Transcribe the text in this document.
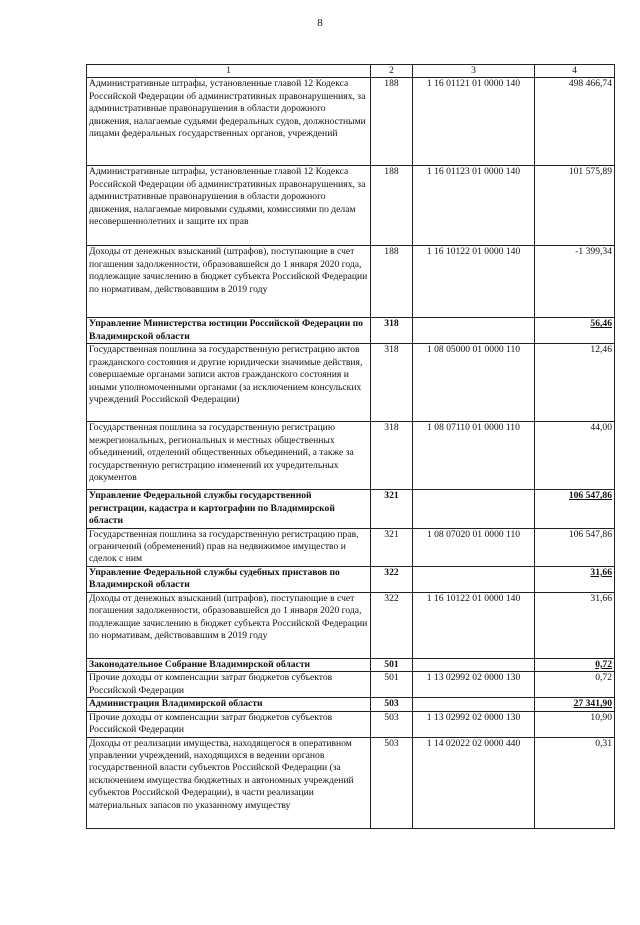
8
1	2	3	4
Административные штрафы, установленные главой 12 Кодекса Российской Федерации об административных правонарушениях, за административные правонарушения в области дорожного движения, налагаемые судьями федеральных судов, должностными лицами федеральных государственных органов, учреждений	188	1 16 01121 01 0000 140	498 466,74
Административные штрафы, установленные главой 12 Кодекса Российской Федерации об административных правонарушениях, за административные правонарушения в области дорожного движения, налагаемые мировыми судьями, комиссиями по делам несовершеннолетних и защите их прав	188	1 16 01123 01 0000 140	101 575,89
Доходы от денежных взысканий (штрафов), поступающие в счет погашения задолженности, образовавшейся до 1 января 2020 года, подлежащие зачислению в бюджет субъекта Российской Федерации по нормативам, действовавшим в 2019 году	188	1 16 10122 01 0000 140	-1 399,34
Управление Министерства юстиции Российской Федерации по Владимирской области	318		56,46
Государственная пошлина за государственную регистрацию актов гражданского состояния и другие юридически значимые действия, совершаемые органами записи актов гражданского состояния и иными уполномоченными органами (за исключением консульских учреждений Российской Федерации)	318	1 08 05000 01 0000 110	12,46
Государственная пошлина за государственную регистрацию межрегиональных, региональных и местных общественных объединений, отделений общественных объединений, а также за государственную регистрацию изменений их учредительных документов	318	1 08 07110 01 0000 110	44,00
Управление Федеральной службы государственной регистрации, кадастра и картографии по Владимирской области	321		106 547,86
Государственная пошлина за государственную регистрацию прав, ограничений (обременений) прав на недвижимое имущество и сделок с ним	321	1 08 07020 01 0000 110	106 547,86
Управление Федеральной службы судебных приставов по Владимирской области	322		31,66
Доходы от денежных взысканий (штрафов), поступающие в счет погашения задолженности, образовавшейся до 1 января 2020 года, подлежащие зачислению в бюджет субъекта Российской Федерации по нормативам, действовавшим в 2019 году	322	1 16 10122 01 0000 140	31,66
Законодательное Собрание Владимирской области	501		0,72
Прочие доходы от компенсации затрат бюджетов субъектов Российской Федерации	501	1 13 02992 02 0000 130	0,72
Администрация Владимирской области	503		27 341,90
Прочие доходы от компенсации затрат бюджетов субъектов Российской Федерации	503	1 13 02992 02 0000 130	10,90
Доходы от реализации имущества, находящегося в оперативном управлении учреждений, находящихся в ведении органов государственной власти субъектов Российской Федерации (за исключением имущества бюджетных и автономных учреждений субъектов Российской Федерации), в части реализации материальных запасов по указанному имуществу	503	1 14 02022 02 0000 440	0,31
